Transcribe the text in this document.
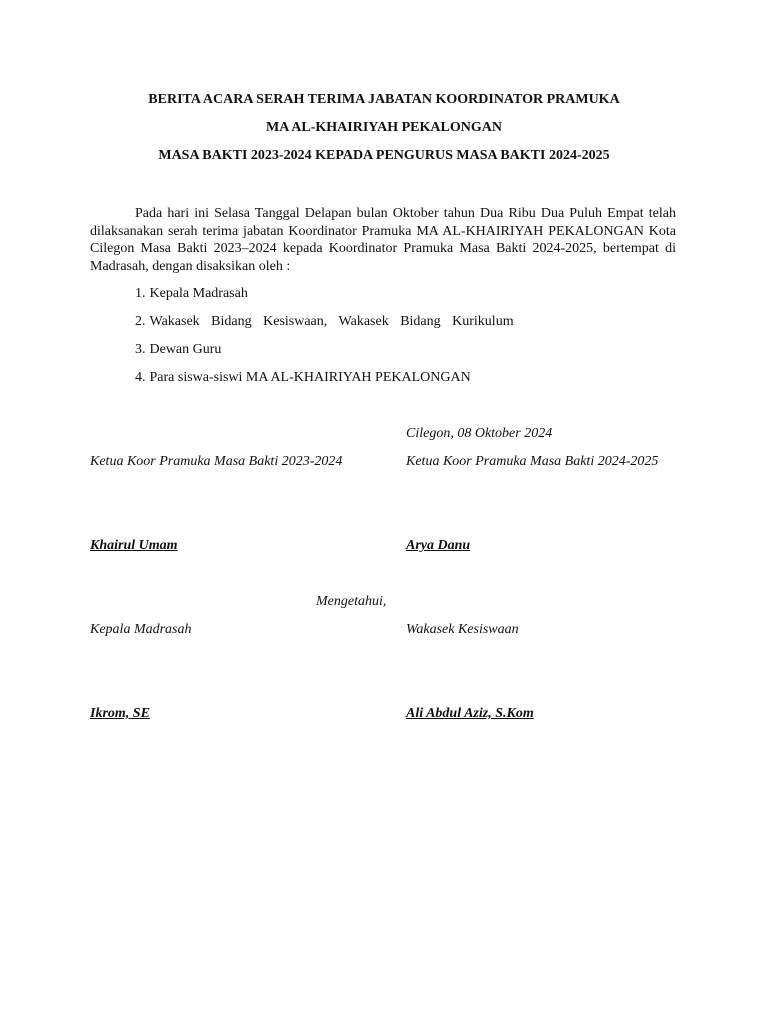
BERITA ACARA SERAH TERIMA JABATAN KOORDINATOR PRAMUKA
MA AL-KHAIRIYAH PEKALONGAN
MASA BAKTI 2023-2024 KEPADA PENGURUS MASA BAKTI 2024-2025

Pada hari ini Selasa Tanggal Delapan bulan Oktober tahun Dua Ribu Dua Puluh Empat telah dilaksanakan serah terima jabatan Koordinator Pramuka MA AL-KHAIRIYAH PEKALONGAN Kota Cilegon Masa Bakti 2023–2024 kepada Koordinator Pramuka Masa Bakti 2024-2025, bertempat di Madrasah, dengan disaksikan oleh :

1. Kepala Madrasah
2. Wakasek Bidang Kesiswaan, Wakasek Bidang Kurikulum
3. Dewan Guru
4. Para siswa-siswi MA AL-KHAIRIYAH PEKALONGAN
Cilegon, 08 Oktober 2024
Ketua Koor Pramuka Masa Bakti 2023-2024	Ketua Koor Pramuka Masa Bakti 2024-2025
Khairul Umam	Arya Danu
Mengetahui,
Kepala Madrasah	Wakasek Kesiswaan
Ikrom, SE	Ali Abdul Aziz, S.Kom
